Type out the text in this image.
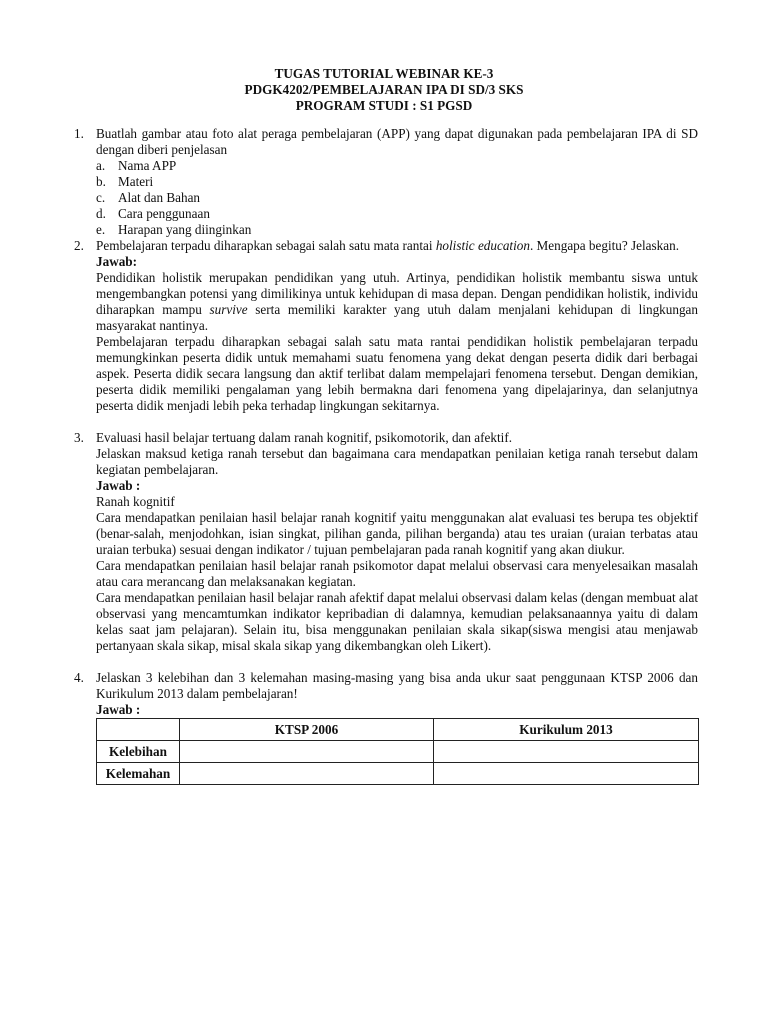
TUGAS TUTORIAL WEBINAR KE-3
PDGK4202/PEMBELAJARAN IPA DI SD/3 SKS
PROGRAM STUDI : S1 PGSD
1. Buatlah gambar atau foto alat peraga pembelajaran (APP) yang dapat digunakan pada pembelajaran IPA di SD dengan diberi penjelasan
a. Nama APP
b. Materi
c. Alat dan Bahan
d. Cara penggunaan
e. Harapan yang diinginkan
2. Pembelajaran terpadu diharapkan sebagai salah satu mata rantai holistic education. Mengapa begitu? Jelaskan.
Jawab:
Pendidikan holistik merupakan pendidikan yang utuh. Artinya, pendidikan holistik membantu siswa untuk mengembangkan potensi yang dimilikinya untuk kehidupan di masa depan. Dengan pendidikan holistik, individu diharapkan mampu survive serta memiliki karakter yang utuh dalam menjalani kehidupan di lingkungan masyarakat nantinya.
Pembelajaran terpadu diharapkan sebagai salah satu mata rantai pendidikan holistik pembelajaran terpadu memungkinkan peserta didik untuk memahami suatu fenomena yang dekat dengan peserta didik dari berbagai aspek. Peserta didik secara langsung dan aktif terlibat dalam mempelajari fenomena tersebut. Dengan demikian, peserta didik memiliki pengalaman yang lebih bermakna dari fenomena yang dipelajarinya, dan selanjutnya peserta didik menjadi lebih peka terhadap lingkungan sekitarnya.
3. Evaluasi hasil belajar tertuang dalam ranah kognitif, psikomotorik, dan afektif.
Jelaskan maksud ketiga ranah tersebut dan bagaimana cara mendapatkan penilaian ketiga ranah tersebut dalam kegiatan pembelajaran.
Jawab :
Ranah kognitif
Cara mendapatkan penilaian hasil belajar ranah kognitif yaitu menggunakan alat evaluasi tes berupa tes objektif (benar-salah, menjodohkan, isian singkat, pilihan ganda, pilihan berganda) atau tes uraian (uraian terbatas atau uraian terbuka) sesuai dengan indikator / tujuan pembelajaran pada ranah kognitif yang akan diukur.
Cara mendapatkan penilaian hasil belajar ranah psikomotor dapat melalui observasi cara menyelesaikan masalah atau cara merancang dan melaksanakan kegiatan.
Cara mendapatkan penilaian hasil belajar ranah afektif dapat melalui observasi dalam kelas (dengan membuat alat observasi yang mencamtumkan indikator kepribadian di dalamnya, kemudian pelaksanaannya yaitu di dalam kelas saat jam pelajaran). Selain itu, bisa menggunakan penilaian skala sikap(siswa mengisi atau menjawab pertanyaan skala sikap, misal skala sikap yang dikembangkan oleh Likert).
4. Jelaskan 3 kelebihan dan 3 kelemahan masing-masing yang bisa anda ukur saat penggunaan KTSP 2006 dan Kurikulum 2013 dalam pembelajaran!
Jawab :
	KTSP 2006	Kurikulum 2013
Kelebihan		
Kelemahan		
